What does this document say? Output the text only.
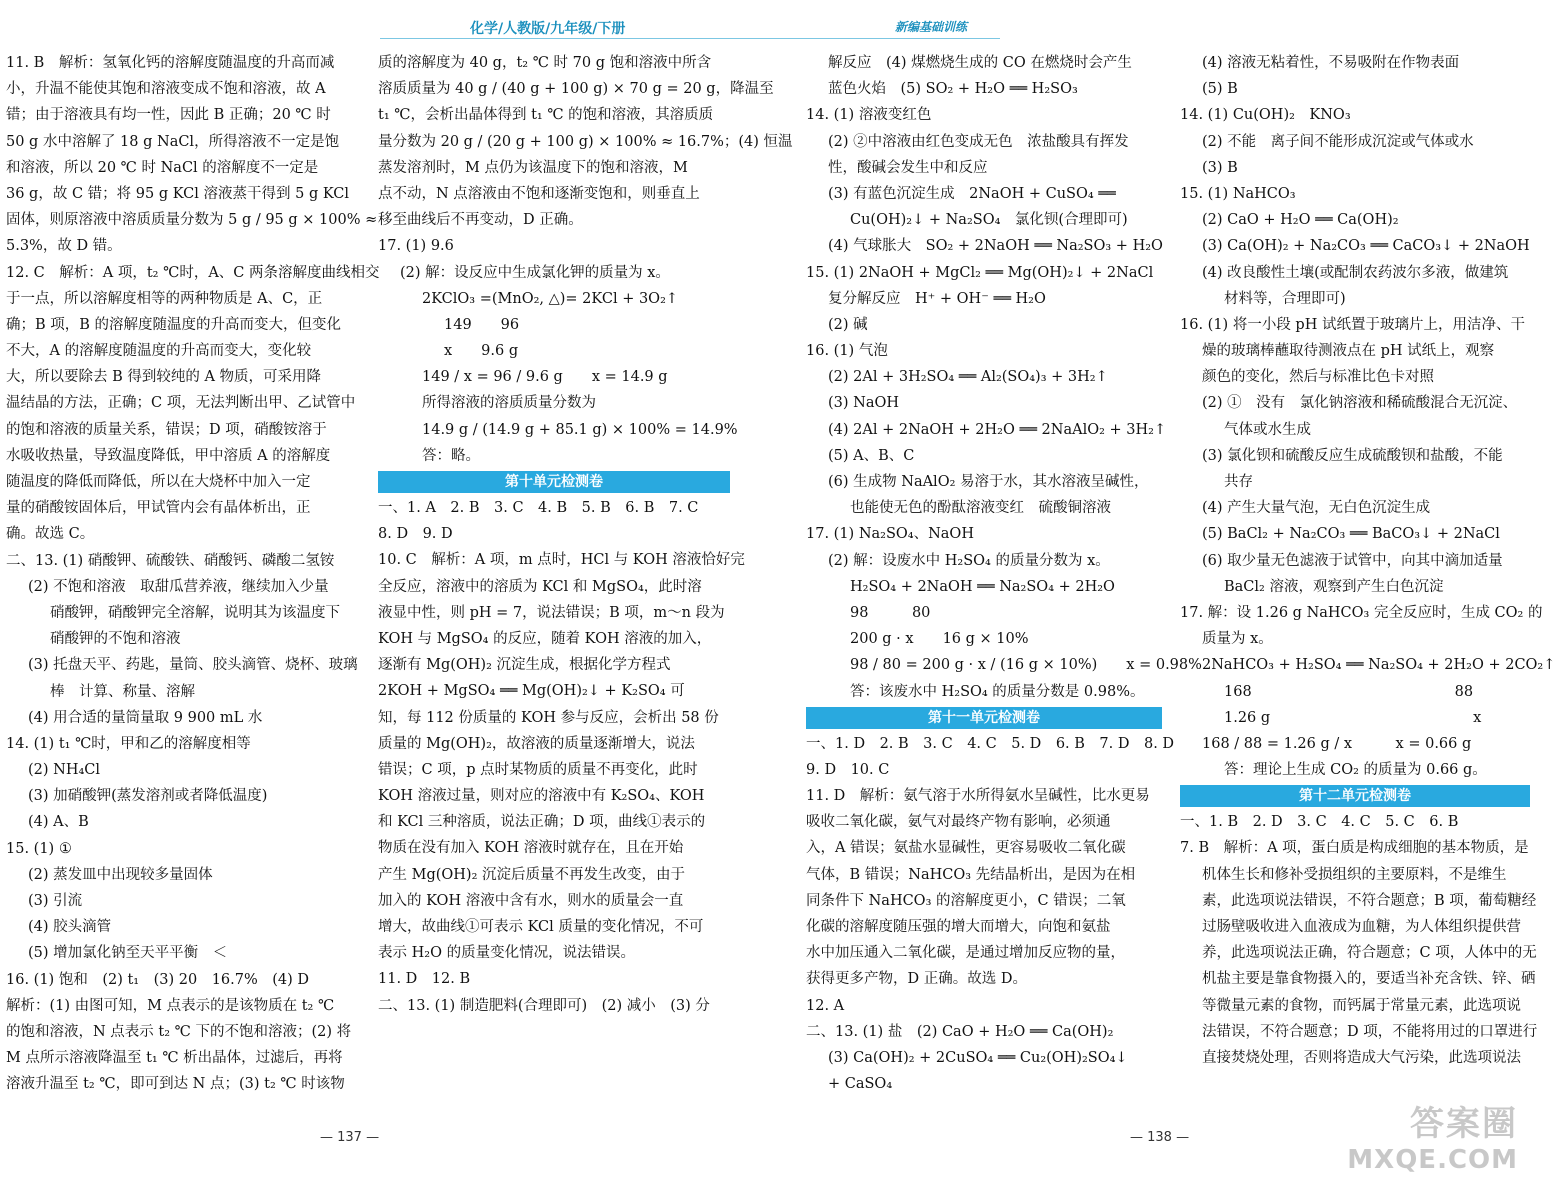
化学/人教版/九年级/下册	新编基础训练
11. B　解析：氢氧化钙的溶解度随温度的升高而减
小，升温不能使其饱和溶液变成不饱和溶液，故 A
错；由于溶液具有均一性，因此 B 正确；20 ℃ 时
50 g 水中溶解了 18 g NaCl，所得溶液不一定是饱
和溶液，所以 20 ℃ 时 NaCl 的溶解度不一定是
36 g，故 C 错；将 95 g KCl 溶液蒸干得到 5 g KCl
固体，则原溶液中溶质质量分数为 5 g / 95 g × 100% ≈
5.3%，故 D 错。
12. C　解析：A 项，t₂ ℃时，A、C 两条溶解度曲线相交
于一点，所以溶解度相等的两种物质是 A、C，正
确；B 项，B 的溶解度随温度的升高而变大，但变化
不大，A 的溶解度随温度的升高而变大，变化较
大，所以要除去 B 得到较纯的 A 物质，可采用降
温结晶的方法，正确；C 项，无法判断出甲、乙试管中
的饱和溶液的质量关系，错误；D 项，硝酸铵溶于
水吸收热量，导致温度降低，甲中溶质 A 的溶解度
随温度的降低而降低，所以在大烧杯中加入一定
量的硝酸铵固体后，甲试管内会有晶体析出，正
确。故选 C。
二、13. (1) 硝酸钾、硫酸铁、硝酸钙、磷酸二氢铵
(2) 不饱和溶液　取甜瓜营养液，继续加入少量
硝酸钾，硝酸钾完全溶解，说明其为该温度下
硝酸钾的不饱和溶液
(3) 托盘天平、药匙，量筒、胶头滴管、烧杯、玻璃
棒　计算、称量、溶解
(4) 用合适的量筒量取 9 900 mL 水
14. (1) t₁ ℃时，甲和乙的溶解度相等
(2) NH₄Cl
(3) 加硝酸钾(蒸发溶剂或者降低温度)
(4) A、B
15. (1) ①
(2) 蒸发皿中出现较多量固体
(3) 引流
(4) 胶头滴管
(5) 增加氯化钠至天平平衡　＜
16. (1) 饱和　(2) t₁　(3) 20　16.7%　(4) D
解析：(1) 由图可知，M 点表示的是该物质在 t₂ ℃
的饱和溶液，N 点表示 t₂ ℃ 下的不饱和溶液；(2) 将
M 点所示溶液降温至 t₁ ℃ 析出晶体，过滤后，再将
溶液升温至 t₂ ℃，即可到达 N 点；(3) t₂ ℃ 时该物
质的溶解度为 40 g，t₂ ℃ 时 70 g 饱和溶液中所含
溶质质量为 40 g / (40 g + 100 g) × 70 g = 20 g，降温至
t₁ ℃，会析出晶体得到 t₁ ℃ 的饱和溶液，其溶质质
量分数为 20 g / (20 g + 100 g) × 100% ≈ 16.7%；(4) 恒温
蒸发溶剂时，M 点仍为该温度下的饱和溶液，M
点不动，N 点溶液由不饱和逐渐变饱和，则垂直上
移至曲线后不再变动，D 正确。
17. (1) 9.6
(2) 解：设反应中生成氯化钾的质量为 x。
2KClO₃ =(MnO₂, △)= 2KCl + 3O₂↑
149　　96
x　　9.6 g
149 / x = 96 / 9.6 g　　x = 14.9 g
所得溶液的溶质质量分数为
14.9 g / (14.9 g + 85.1 g) × 100% = 14.9%
答：略。
第十单元检测卷
一、1. A　2. B　3. C　4. B　5. B　6. B　7. C
8. D　9. D
10. C　解析：A 项，m 点时，HCl 与 KOH 溶液恰好完
全反应，溶液中的溶质为 KCl 和 MgSO₄，此时溶
液显中性，则 pH = 7，说法错误；B 项，m～n 段为
KOH 与 MgSO₄ 的反应，随着 KOH 溶液的加入，
逐渐有 Mg(OH)₂ 沉淀生成，根据化学方程式
2KOH + MgSO₄ ══ Mg(OH)₂↓ + K₂SO₄ 可
知，每 112 份质量的 KOH 参与反应，会析出 58 份
质量的 Mg(OH)₂，故溶液的质量逐渐增大，说法
错误；C 项，p 点时某物质的质量不再变化，此时
KOH 溶液过量，则对应的溶液中有 K₂SO₄、KOH
和 KCl 三种溶质，说法正确；D 项，曲线①表示的
物质在没有加入 KOH 溶液时就存在，且在开始
产生 Mg(OH)₂ 沉淀后质量不再发生改变，由于
加入的 KOH 溶液中含有水，则水的质量会一直
增大，故曲线①可表示 KCl 质量的变化情况，不可
表示 H₂O 的质量变化情况，说法错误。
11. D　12. B
二、13. (1) 制造肥料(合理即可)　(2) 减小　(3) 分
解反应　(4) 煤燃烧生成的 CO 在燃烧时会产生
蓝色火焰　(5) SO₂ + H₂O ══ H₂SO₃
14. (1) 溶液变红色
(2) ②中溶液由红色变成无色　浓盐酸具有挥发
性，酸碱会发生中和反应
(3) 有蓝色沉淀生成　2NaOH + CuSO₄ ══
Cu(OH)₂↓ + Na₂SO₄　氯化钡(合理即可)
(4) 气球胀大　SO₂ + 2NaOH ══ Na₂SO₃ + H₂O
15. (1) 2NaOH + MgCl₂ ══ Mg(OH)₂↓ + 2NaCl
复分解反应　H⁺ + OH⁻ ══ H₂O
(2) 碱
16. (1) 气泡
(2) 2Al + 3H₂SO₄ ══ Al₂(SO₄)₃ + 3H₂↑
(3) NaOH
(4) 2Al + 2NaOH + 2H₂O ══ 2NaAlO₂ + 3H₂↑
(5) A、B、C
(6) 生成物 NaAlO₂ 易溶于水，其水溶液呈碱性，
也能使无色的酚酞溶液变红　硫酸铜溶液
17. (1) Na₂SO₄、NaOH
(2) 解：设废水中 H₂SO₄ 的质量分数为 x。
H₂SO₄ + 2NaOH ══ Na₂SO₄ + 2H₂O
98　　　80
200 g · x　　16 g × 10%
98 / 80 = 200 g · x / (16 g × 10%)　　x = 0.98%
答：该废水中 H₂SO₄ 的质量分数是 0.98%。
第十一单元检测卷
一、1. D　2. B　3. C　4. C　5. D　6. B　7. D　8. D
9. D　10. C
11. D　解析：氨气溶于水所得氨水呈碱性，比水更易
吸收二氧化碳，氨气对最终产物有影响，必须通
入，A 错误；氨盐水显碱性，更容易吸收二氧化碳
气体，B 错误；NaHCO₃ 先结晶析出，是因为在相
同条件下 NaHCO₃ 的溶解度更小，C 错误；二氧
化碳的溶解度随压强的增大而增大，向饱和氨盐
水中加压通入二氧化碳，是通过增加反应物的量，
获得更多产物，D 正确。故选 D。
12. A
二、13. (1) 盐　(2) CaO + H₂O ══ Ca(OH)₂
(3) Ca(OH)₂ + 2CuSO₄ ══ Cu₂(OH)₂SO₄↓
+ CaSO₄
(4) 溶液无粘着性，不易吸附在作物表面
(5) B
14. (1) Cu(OH)₂　KNO₃
(2) 不能　离子间不能形成沉淀或气体或水
(3) B
15. (1) NaHCO₃
(2) CaO + H₂O ══ Ca(OH)₂
(3) Ca(OH)₂ + Na₂CO₃ ══ CaCO₃↓ + 2NaOH
(4) 改良酸性土壤(或配制农药波尔多液，做建筑
材料等，合理即可)
16. (1) 将一小段 pH 试纸置于玻璃片上，用洁净、干
燥的玻璃棒蘸取待测液点在 pH 试纸上，观察
颜色的变化，然后与标准比色卡对照
(2) ①　没有　氯化钠溶液和稀硫酸混合无沉淀、
气体或水生成
(3) 氯化钡和硫酸反应生成硫酸钡和盐酸，不能
共存
(4) 产生大量气泡，无白色沉淀生成
(5) BaCl₂ + Na₂CO₃ ══ BaCO₃↓ + 2NaCl
(6) 取少量无色滤液于试管中，向其中滴加适量
BaCl₂ 溶液，观察到产生白色沉淀
17. 解：设 1.26 g NaHCO₃ 完全反应时，生成 CO₂ 的
质量为 x。
2NaHCO₃ + H₂SO₄ ══ Na₂SO₄ + 2H₂O + 2CO₂↑
168　　　　　　　　　　　　　　88
1.26 g　　　　　　　　　　　　　　x
168 / 88 = 1.26 g / x　　　x = 0.66 g
答：理论上生成 CO₂ 的质量为 0.66 g。
第十二单元检测卷
一、1. B　2. D　3. C　4. C　5. C　6. B
7. B　解析：A 项，蛋白质是构成细胞的基本物质，是
机体生长和修补受损组织的主要原料，不是维生
素，此选项说法错误，不符合题意；B 项，葡萄糖经
过肠壁吸收进入血液成为血糖，为人体组织提供营
养，此选项说法正确，符合题意；C 项，人体中的无
机盐主要是靠食物摄入的，要适当补充含铁、锌、硒
等微量元素的食物，而钙属于常量元素，此选项说
法错误，不符合题意；D 项，不能将用过的口罩进行
直接焚烧处理，否则将造成大气污染，此选项说法
— 137 —	— 138 —	答案圈
MXQE.COM
